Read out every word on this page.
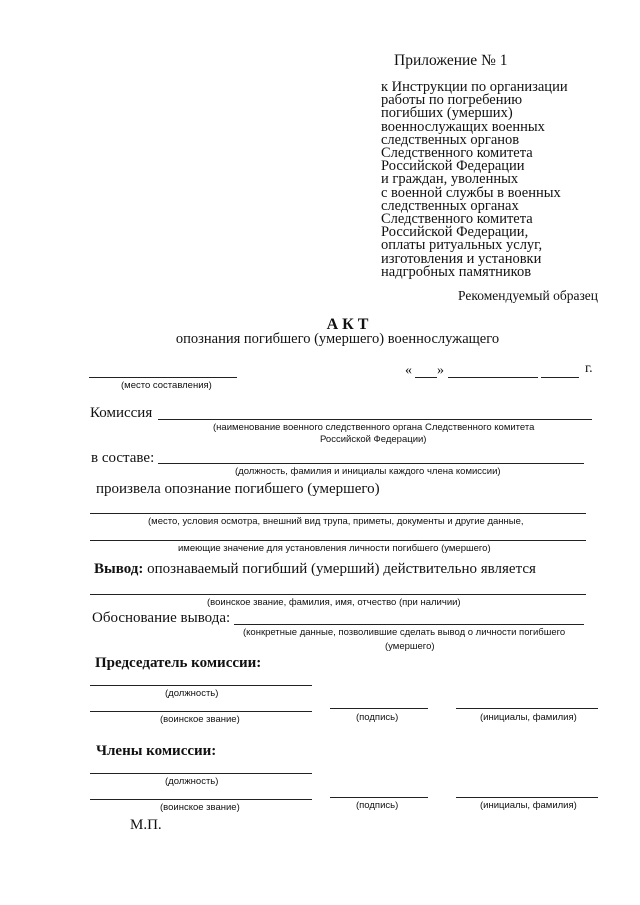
Приложение № 1
к Инструкции по организации
работы по погребению
погибших (умерших)
военнослужащих военных
следственных органов
Следственного комитета
Российской Федерации
и граждан, уволенных
с военной службы в военных
следственных органах
Следственного комитета
Российской Федерации,
оплаты ритуальных услуг,
изготовления и установки
надгробных памятников
Рекомендуемый образец
А К Т
опознания погибшего (умершего) военнослужащего
(место составления)
« »	г.
Комиссия
(наименование военного следственного органа Следственного комитета
Российской Федерации)
в составе:
(должность, фамилия и инициалы каждого члена комиссии)
произвела опознание погибшего (умершего)
(место, условия осмотра, внешний вид трупа, приметы, документы и другие данные,
имеющие значение для установления личности погибшего (умершего)
Вывод: опознаваемый погибший (умерший) действительно является
(воинское звание, фамилия, имя, отчество (при наличии)
Обоснование вывода:
(конкретные данные, позволившие сделать вывод о личности погибшего
(умершего)
Председатель комиссии:
(должность)
(воинское звание)	(подпись)	(инициалы, фамилия)
Члены комиссии:
(должность)
(воинское звание)	(подпись)	(инициалы, фамилия)
М.П.
